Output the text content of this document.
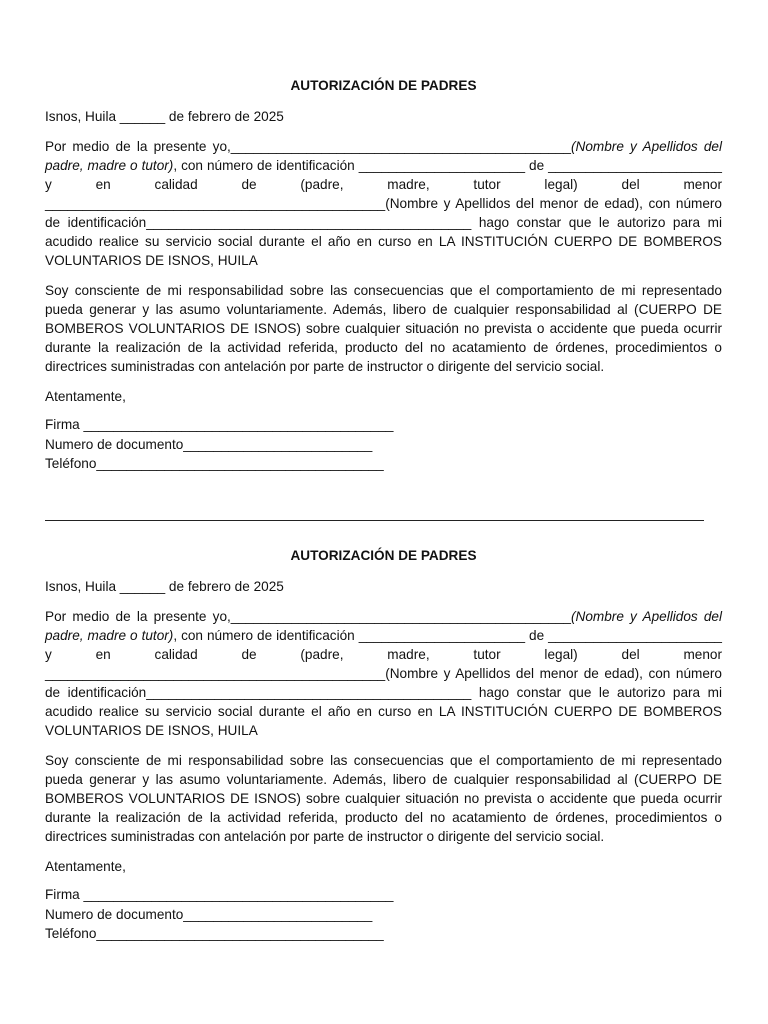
AUTORIZACIÓN DE PADRES

Isnos, Huila ______ de febrero de 2025

Por medio de la presente yo,_____________________________________________(Nombre y Apellidos del padre, madre o tutor), con número de identificación ______________________ de _______________________ y en calidad de (padre, madre, tutor legal) del menor _____________________________________________(Nombre y Apellidos del menor de edad), con número de identificación___________________________________________ hago constar que le autorizo para mi acudido realice su servicio social durante el año en curso en LA INSTITUCIÓN CUERPO DE BOMBEROS VOLUNTARIOS DE ISNOS, HUILA

Soy consciente de mi responsabilidad sobre las consecuencias que el comportamiento de mi representado pueda generar y las asumo voluntariamente. Además, libero de cualquier responsabilidad al (CUERPO DE BOMBEROS VOLUNTARIOS DE ISNOS) sobre cualquier situación no prevista o accidente que pueda ocurrir durante la realización de la actividad referida, producto del no acatamiento de órdenes, procedimientos o directrices suministradas con antelación por parte de instructor o dirigente del servicio social.

Atentamente,

Firma _________________________________________
Numero de documento_________________________
Teléfono______________________________________
AUTORIZACIÓN DE PADRES

Isnos, Huila ______ de febrero de 2025

Por medio de la presente yo,_____________________________________________(Nombre y Apellidos del padre, madre o tutor), con número de identificación ______________________ de _______________________ y en calidad de (padre, madre, tutor legal) del menor _____________________________________________(Nombre y Apellidos del menor de edad), con número de identificación___________________________________________ hago constar que le autorizo para mi acudido realice su servicio social durante el año en curso en LA INSTITUCIÓN CUERPO DE BOMBEROS VOLUNTARIOS DE ISNOS, HUILA

Soy consciente de mi responsabilidad sobre las consecuencias que el comportamiento de mi representado pueda generar y las asumo voluntariamente. Además, libero de cualquier responsabilidad al (CUERPO DE BOMBEROS VOLUNTARIOS DE ISNOS) sobre cualquier situación no prevista o accidente que pueda ocurrir durante la realización de la actividad referida, producto del no acatamiento de órdenes, procedimientos o directrices suministradas con antelación por parte de instructor o dirigente del servicio social.

Atentamente,

Firma _________________________________________
Numero de documento_________________________
Teléfono______________________________________
